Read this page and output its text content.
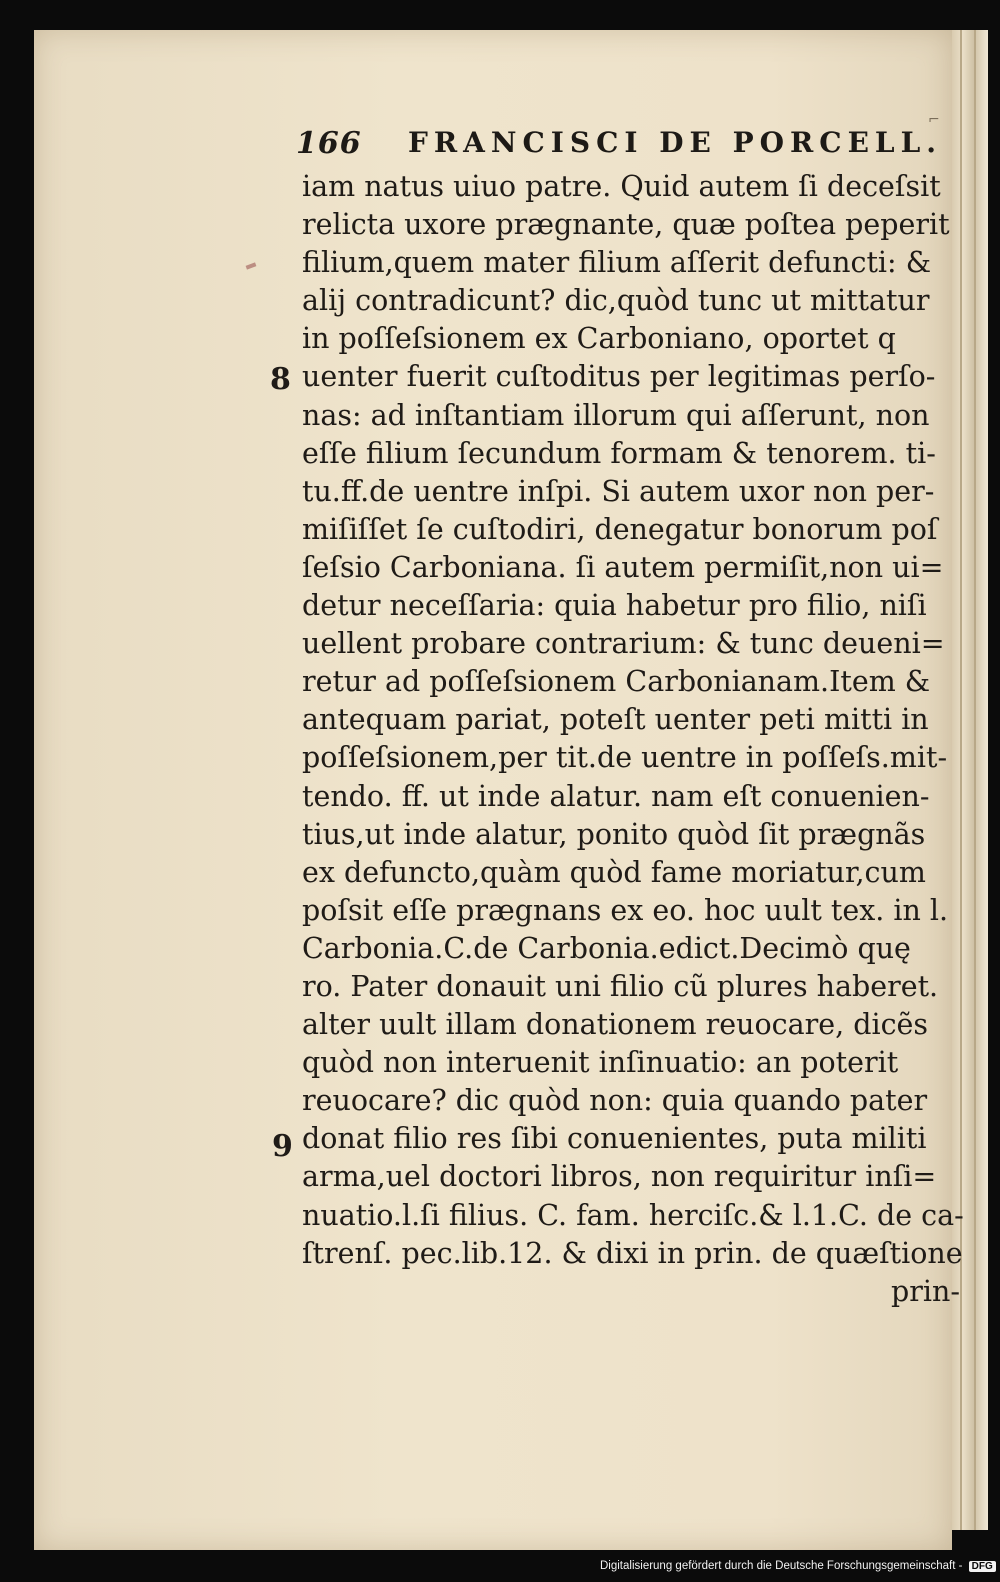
⌐
166 FRANCISCI DE PORCELL.
8
9
iam natus uiuo patre. Quid autem ſi deceſsit
relicta uxore prægnante, quæ poſtea peperit
filium,quem mater filium aſſerit defuncti: &
alij contradicunt? dic,quòd tunc ut mittatur
in poſſeſsionem ex Carboniano, oportet q
uenter fuerit cuſtoditus per legitimas perſo-
nas: ad inſtantiam illorum qui aſſerunt, non
eſſe filium ſecundum formam & tenorem. ti-
tu.ff.de uentre inſpi. Si autem uxor non per-
miſiſſet ſe cuſtodiri, denegatur bonorum poſ
ſeſsio Carboniana. ſi autem permiſit,non ui=
detur neceſſaria: quia habetur pro filio, niſi
uellent probare contrarium: & tunc deueni=
retur ad poſſeſsionem Carbonianam.Item &
antequam pariat, poteſt uenter peti mitti in
poſſeſsionem,per tit.de uentre in poſſeſs.mit-
tendo. ff. ut inde alatur. nam eſt conuenien-
tius,ut inde alatur, ponito quòd ſit prægnãs
ex defuncto,quàm quòd fame moriatur,cum
poſsit eſſe prægnans ex eo. hoc uult tex. in l.
Carbonia.C.de Carbonia.edict.Decimò quę
ro. Pater donauit uni filio cũ plures haberet.
alter uult illam donationem reuocare, dicẽs
quòd non interuenit inſinuatio: an poterit
reuocare? dic quòd non: quia quando pater
donat filio res ſibi conuenientes, puta militi
arma,uel doctori libros, non requiritur inſi=
nuatio.l.ſi filius. C. fam. herciſc.& l.1.C. de ca-
ſtrenſ. pec.lib.12. & dixi in prin. de quæſtione
prin-
Digitalisierung gefördert durch die Deutsche Forschungsgemeinschaft - DFG
